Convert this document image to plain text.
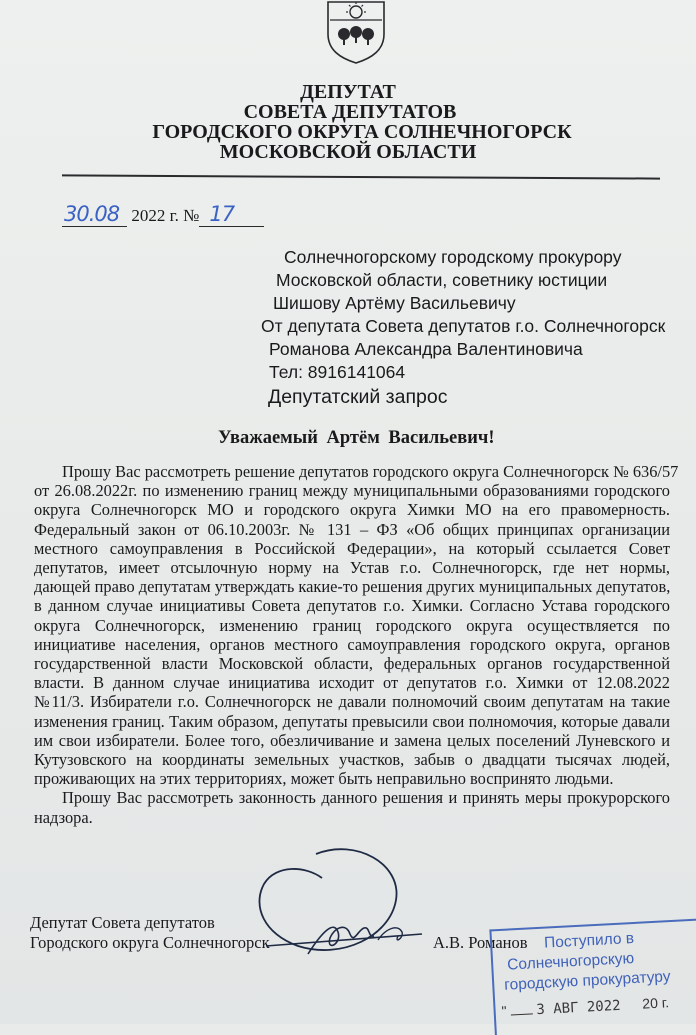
ДЕПУТАТ
СОВЕТА ДЕПУТАТОВ
ГОРОДСКОГО ОКРУГА СОЛНЕЧНОГОРСК
МОСКОВСКОЙ ОБЛАСТИ
30.08 2022 г. № 17
Солнечногорскому городскому прокурору
Московской области, советнику юстиции
Шишову Артёму Васильевичу
От депутата Совета депутатов г.о. Солнечногорск
Романова Александра Валентиновича
Тел: 8916141064
Депутатский запрос
Уважаемый Артём Васильевич!
Прошу Вас рассмотреть решение депутатов городского округа Солнечногорск № 636/57
от 26.08.2022г. по изменению границ между муниципальными образованиями городского
округа Солнечногорск МО и городского округа Химки МО на его правомерность.
Федеральный закон от 06.10.2003г. № 131 – ФЗ «Об общих принципах организации
местного самоуправления в Российской Федерации», на который ссылается Совет
депутатов, имеет отсылочную норму на Устав г.о. Солнечногорск, где нет нормы,
дающей право депутатам утверждать какие-то решения других муниципальных депутатов,
в данном случае инициативы Совета депутатов г.о. Химки. Согласно Устава городского
округа Солнечногорск, изменению границ городского округа осуществляется по
инициативе населения, органов местного самоуправления городского округа, органов
государственной власти Московской области, федеральных органов государственной
власти. В данном случае инициатива исходит от депутатов г.о. Химки от 12.08.2022
№11/3. Избиратели г.о. Солнечногорск не давали полномочий своим депутатам на такие
изменения границ. Таким образом, депутаты превысили свои полномочия, которые давали
им свои избиратели. Более того, обезличивание и замена целых поселений Луневского и
Кутузовского на координаты земельных участков, забыв о двадцати тысячах людей,
проживающих на этих территориях, может быть неправильно воспринято людьми.
Прошу Вас рассмотреть законность данного решения и принять меры прокурорского
надзора.
Депутат Совета депутатов
Городского округа Солнечногорск	А.В. Романов Поступило в
Солнечногорскую
городскую прокуратуру
" 3 АВГ 2022 20 г.
